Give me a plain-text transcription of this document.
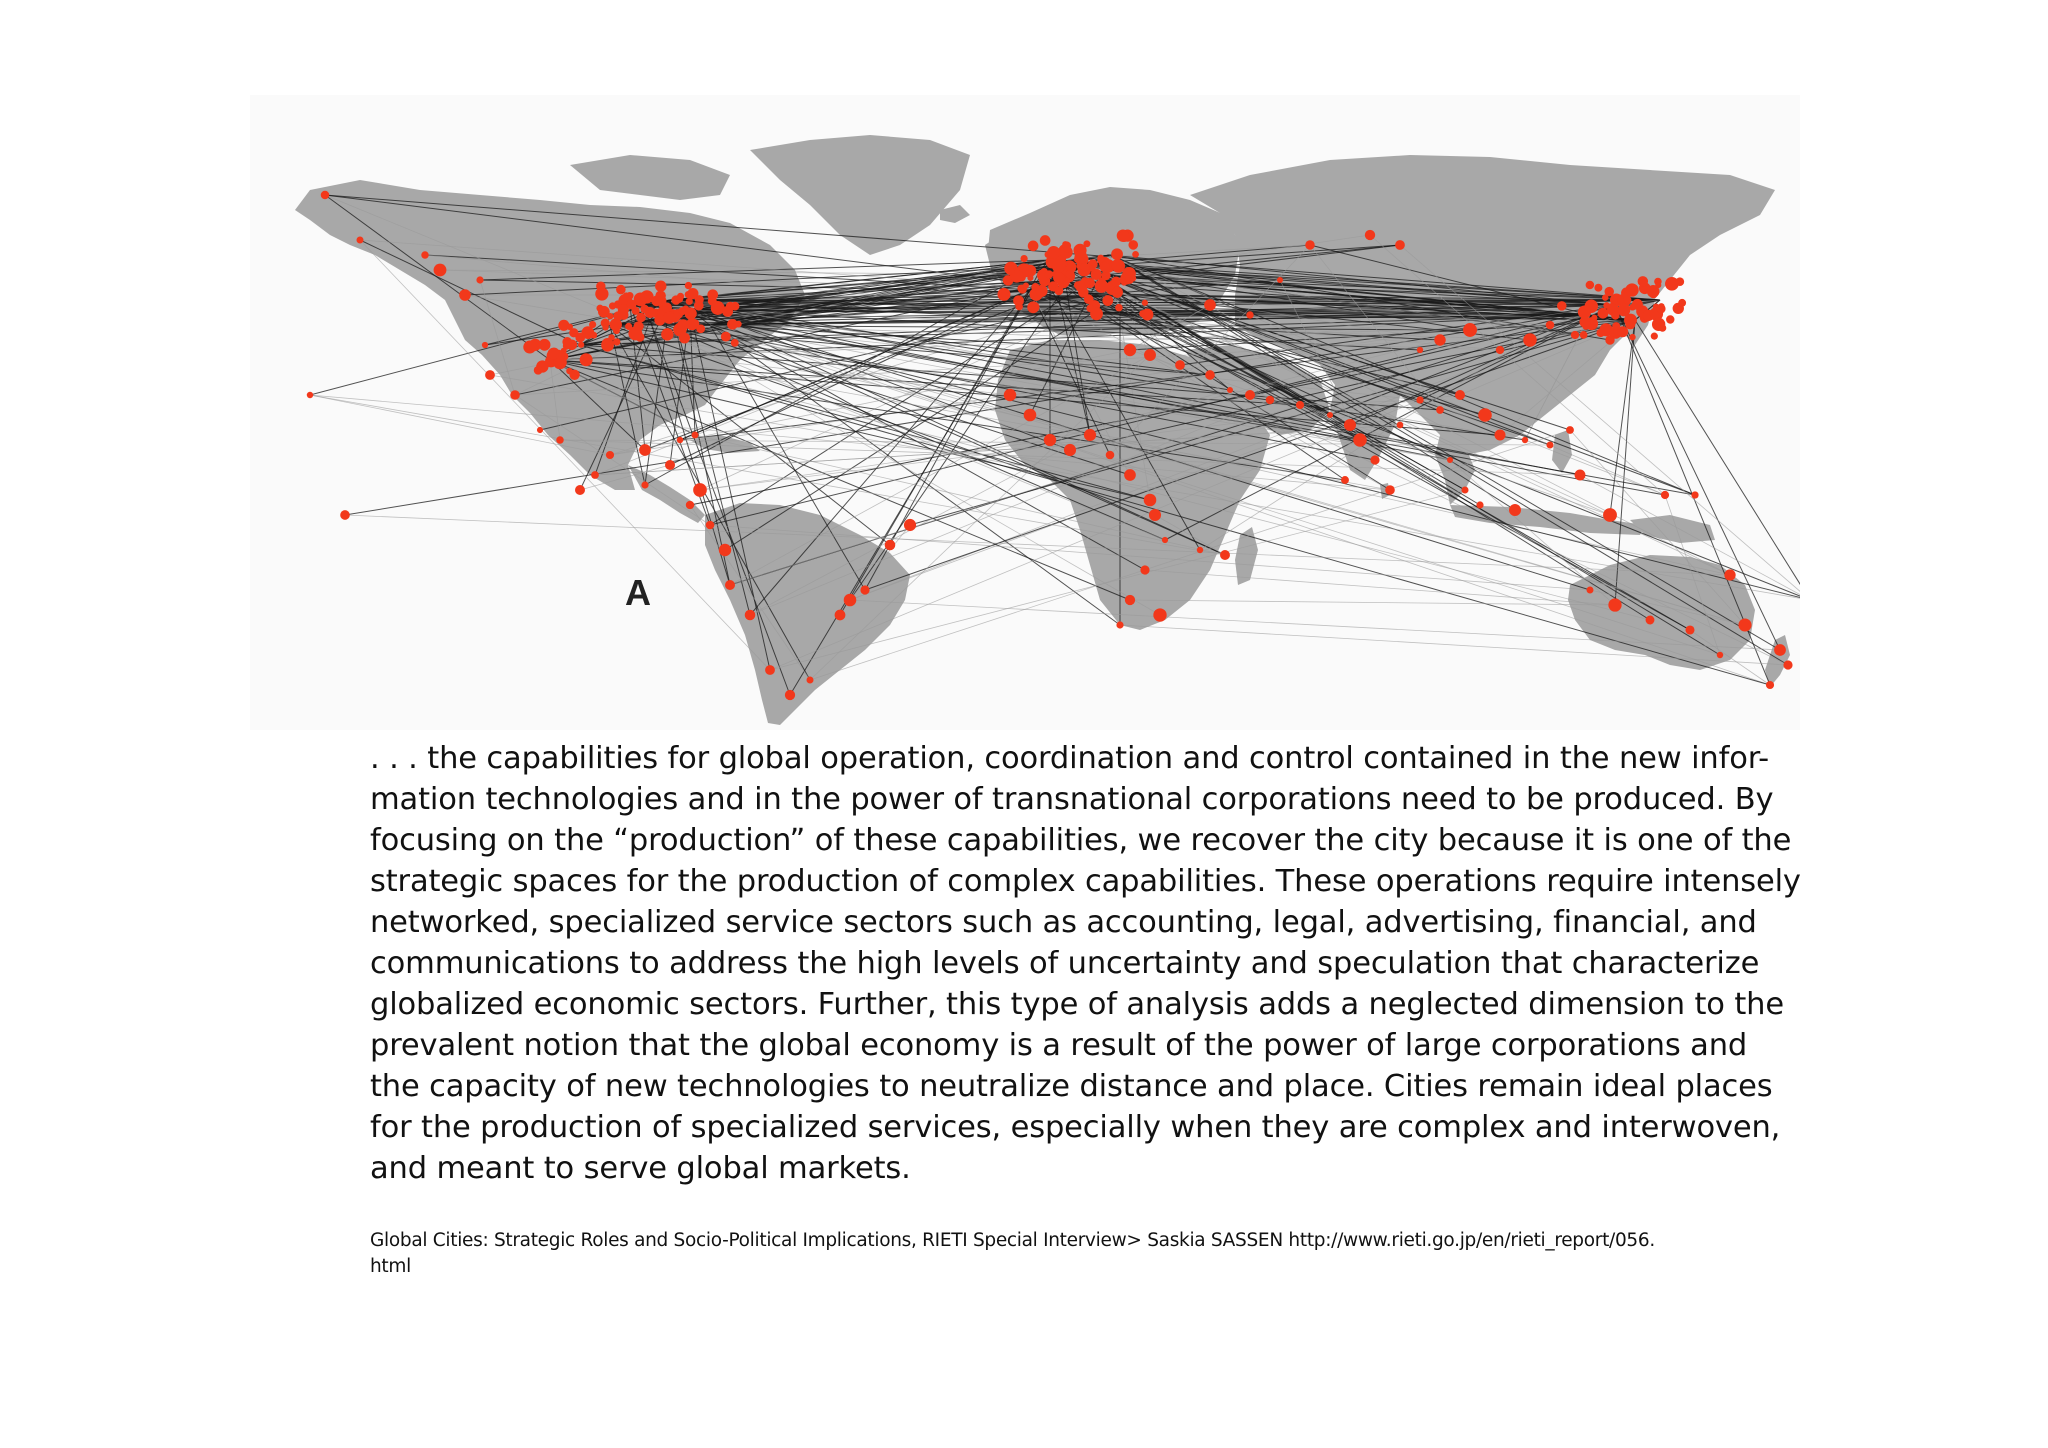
A

. . . the capabilities for global operation, coordination and control contained in the new infor-
mation technologies and in the power of transnational corporations need to be produced. By
focusing on the “production” of these capabilities, we recover the city because it is one of the
strategic spaces for the production of complex capabilities. These operations require intensely
networked, specialized service sectors such as accounting, legal, advertising, financial, and
communications to address the high levels of uncertainty and speculation that characterize
globalized economic sectors. Further, this type of analysis adds a neglected dimension to the
prevalent notion that the global economy is a result of the power of large corporations and
the capacity of new technologies to neutralize distance and place. Cities remain ideal places
for the production of specialized services, especially when they are complex and interwoven,
and meant to serve global markets.

Global Cities: Strategic Roles and Socio-Political Implications, RIETI Special Interview> Saskia SASSEN http://www.rieti.go.jp/en/rieti_report/056.
html
